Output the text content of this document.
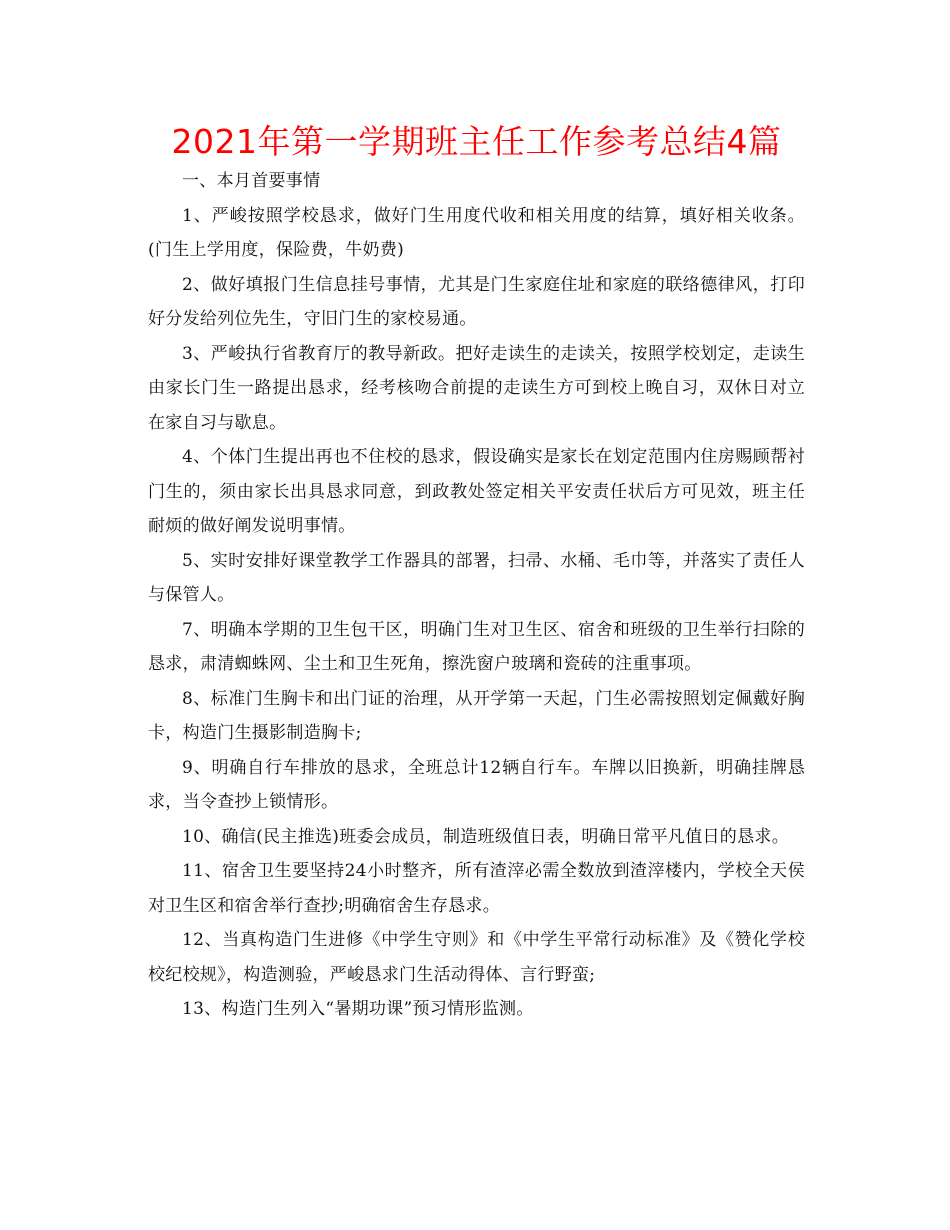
2021年第一学期班主任工作参考总结4篇

一、本月首要事情

1、严峻按照学校恳求，做好门生用度代收和相关用度的结算，填好相关收条。(门生上学用度，保险费，牛奶费)

2、做好填报门生信息挂号事情，尤其是门生家庭住址和家庭的联络德律风，打印好分发给列位先生，守旧门生的家校易通。

3、严峻执行省教育厅的教导新政。把好走读生的走读关，按照学校划定，走读生由家长门生一路提出恳求，经考核吻合前提的走读生方可到校上晚自习，双休日对立在家自习与歇息。

4、个体门生提出再也不住校的恳求，假设确实是家长在划定范围内住房赐顾帮衬门生的，须由家长出具恳求同意，到政教处签定相关平安责任状后方可见效，班主任耐烦的做好阐发说明事情。

5、实时安排好课堂教学工作器具的部署，扫帚、水桶、毛巾等，并落实了责任人与保管人。

7、明确本学期的卫生包干区，明确门生对卫生区、宿舍和班级的卫生举行扫除的恳求，肃清蜘蛛网、尘土和卫生死角，擦洗窗户玻璃和瓷砖的注重事项。

8、标准门生胸卡和出门证的治理，从开学第一天起，门生必需按照划定佩戴好胸卡，构造门生摄影制造胸卡;

9、明确自行车排放的恳求，全班总计12辆自行车。车牌以旧换新，明确挂牌恳求，当令查抄上锁情形。

10、确信(民主推选)班委会成员，制造班级值日表，明确日常平凡值日的恳求。

11、宿舍卫生要坚持24小时整齐，所有渣滓必需全数放到渣滓楼内，学校全天侯对卫生区和宿舍举行查抄;明确宿舍生存恳求。

12、当真构造门生进修《中学生守则》和《中学生平常行动标准》及《赞化学校校纪校规》，构造测验，严峻恳求门生活动得体、言行野蛮;

13、构造门生列入“暑期功课”预习情形监测。
